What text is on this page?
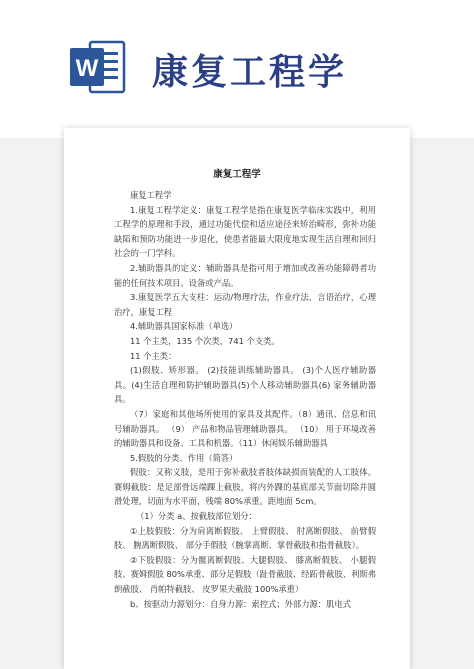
W 康复工程学
康复工程学

康复工程学

1.康复工程学定义：康复工程学是指在康复医学临床实践中，利用工程学的原理和手段，通过功能代偿和适应途径来矫治畸形，弥补功能缺陷和预防功能进一步退化，使患者能最大限度地实现生活自理和回归社会的一门学科。

2.辅助器具的定义：辅助器具是指可用于增加或改善功能障碍者功能的任何技术项目、设备或产品。

3.康复医学五大支柱：运动/物理疗法，作业疗法，言语治疗，心理治疗，康复工程

4.辅助器具国家标准（单选）

11 个主类，135 个次类，741 个支类。

11 个主类：

(1)假肢、矫形器。 (2)技能训练辅助器具。 (3)个人医疗辅助器具。(4)生活自理和防护辅助器具(5)个人移动辅助器具(6) 家务辅助器具。

（7）家庭和其他场所使用的家具及其配件。（8）通讯、信息和讯号辅助器具。 （9） 产品和物品管理辅助器具。 （10） 用于环境改善的辅助器具和设备、工具和机器。（11）休闲娱乐辅助器具

5.假肢的分类、作用（简答）

假肢：又称义肢，是用于弥补截肢者肢体缺损而装配的人工肢体。赛姆截肢：是足部骨远端踝上截肢，将内外踝的基底部关节面切除并圆滑处理，切面为水平面，残端 80%承重。距地面 5cm。

（1）分类 a、按截肢部位划分：

①上肢假肢：分为肩离断假肢、 上臂假肢、 肘离断假肢、 前臂假肢、 腕离断假肢、 部分手假肢（腕掌离断、掌骨截肢和指骨截肢）。

②下肢假肢：分为髋离断假肢、大腿假肢、 膝离断假肢、 小腿假肢、赛姆假肢 80%承重、部分足假肢（趾骨截肢、经跖骨截肢、利斯弗朗截肢、 肖帕特截肢、 皮罗果夫截肢 100%承重）

b、按驱动力源划分：自身力源：索控式；外部力源：肌电式
